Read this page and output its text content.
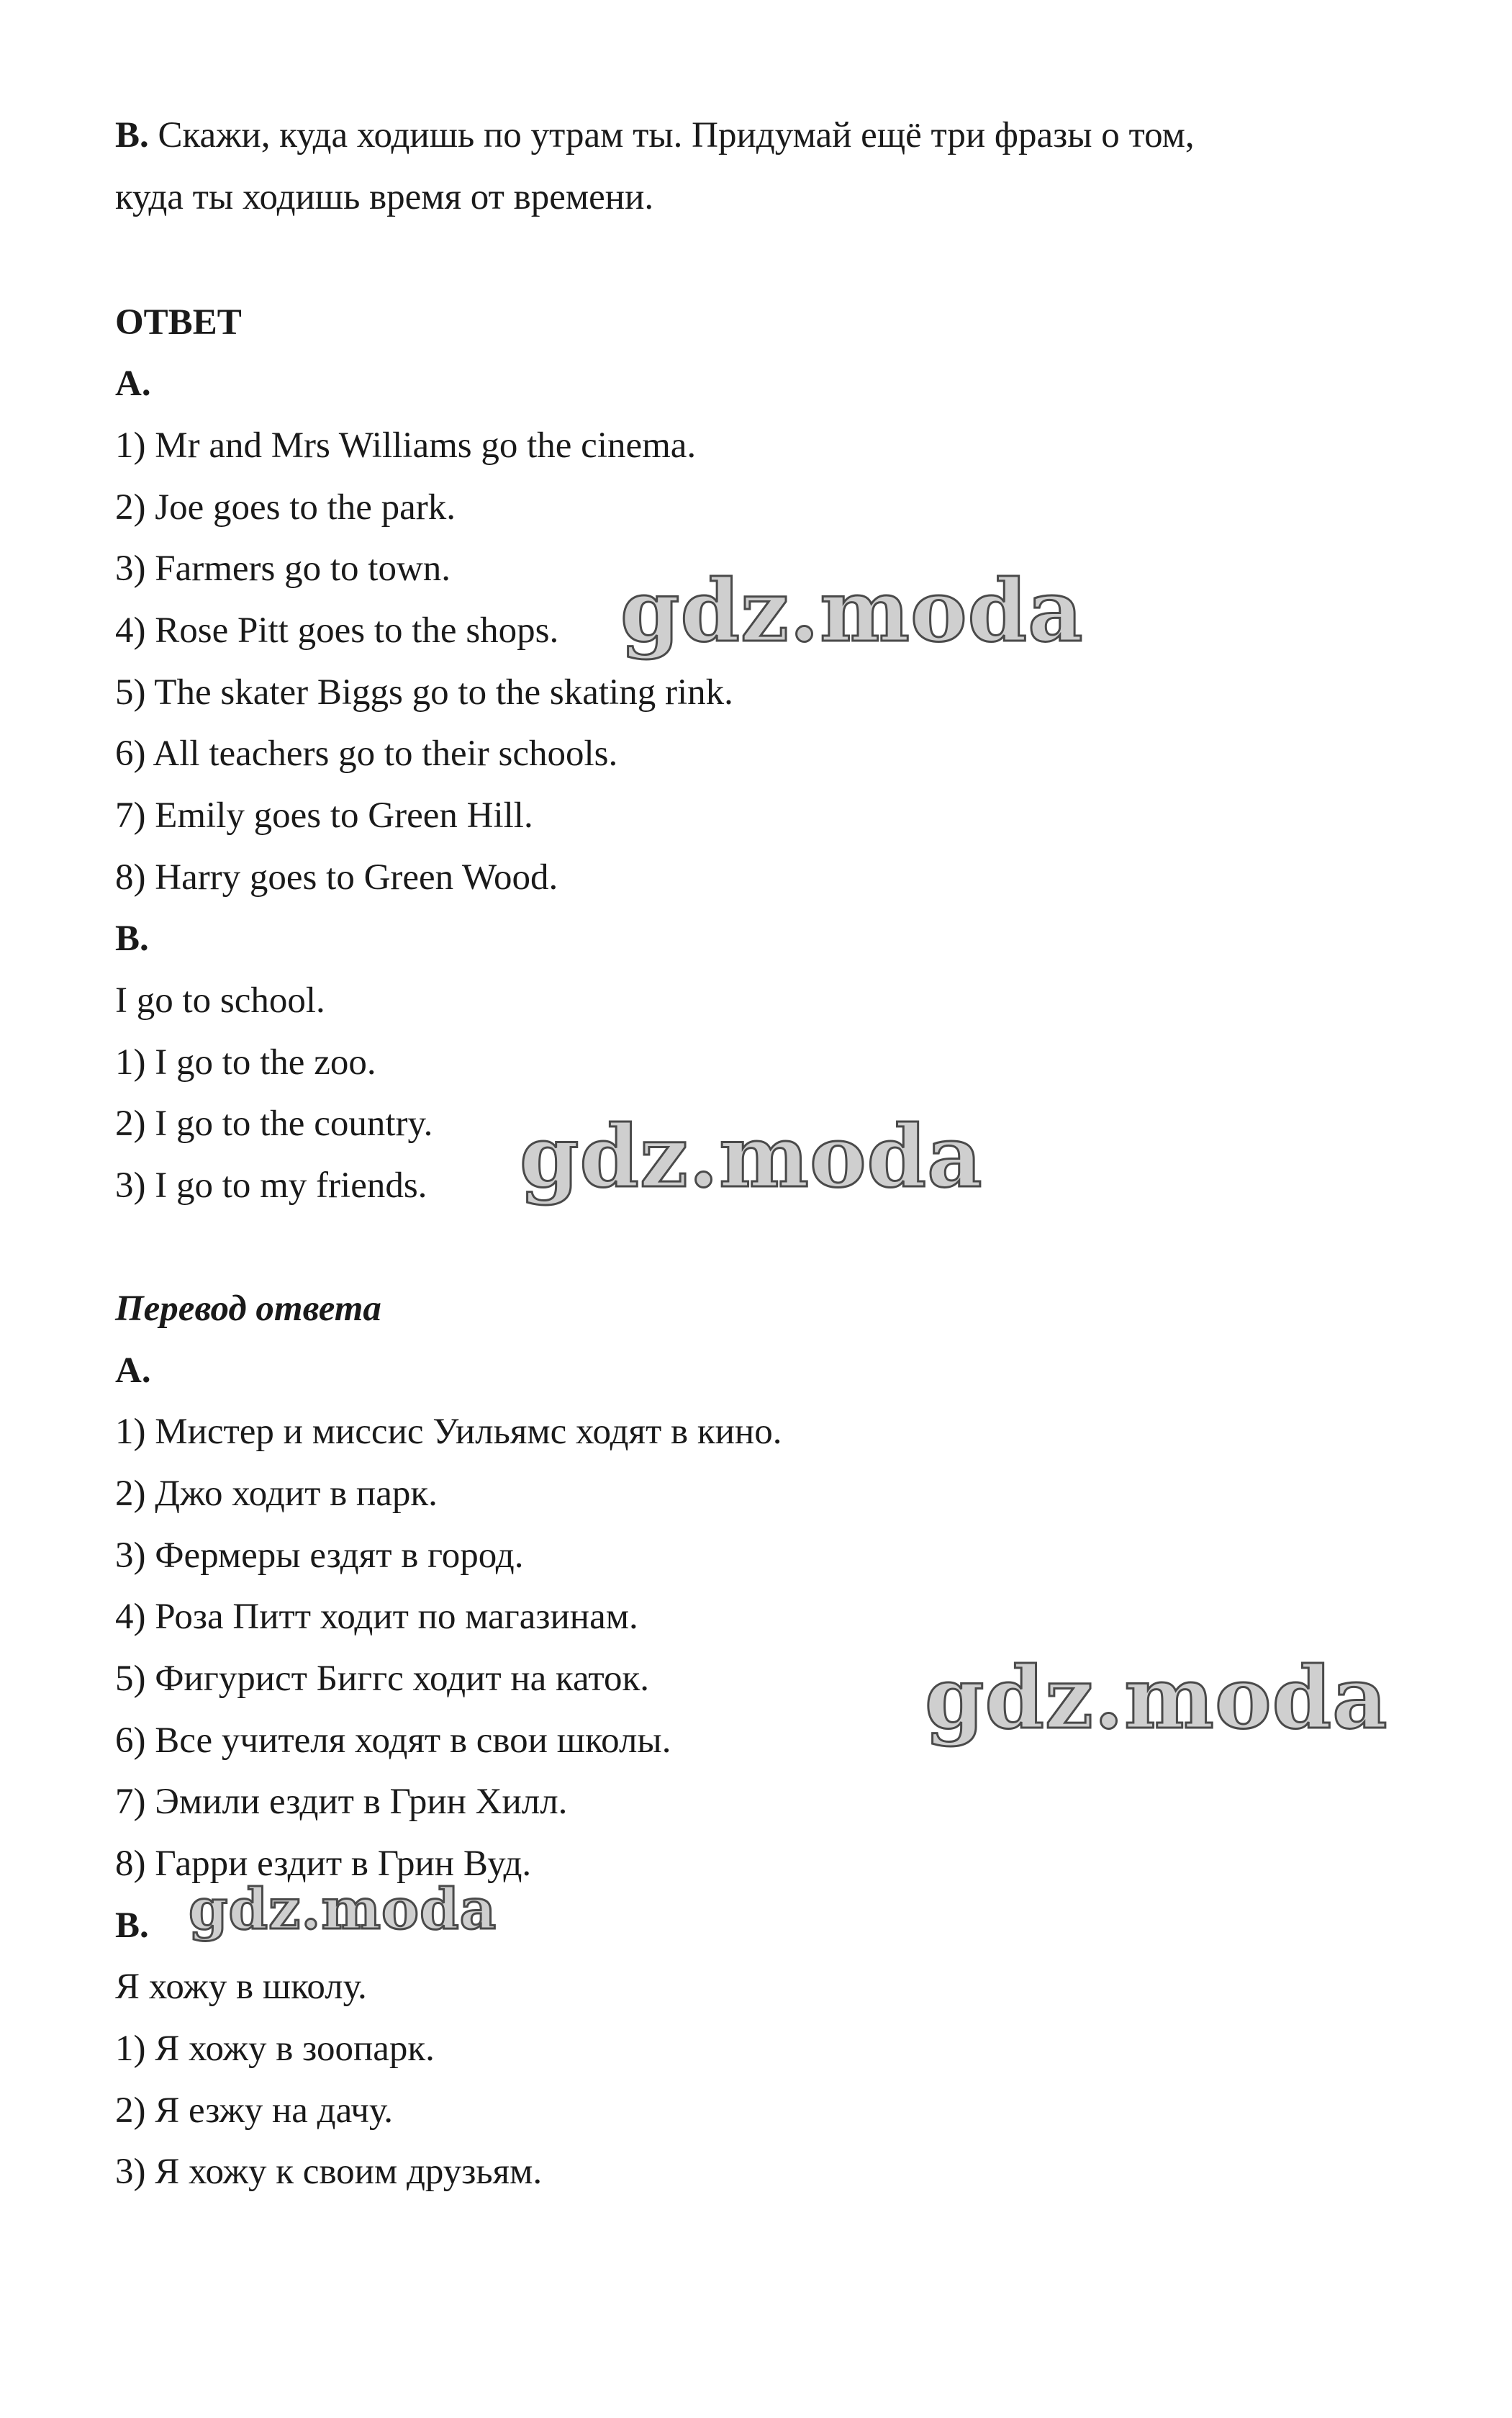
B. Скажи, куда ходишь по утрам ты. Придумай ещё три фразы о том,
куда ты ходишь время от времени.
ОТВЕТ
A.
1) Mr and Mrs Williams go the cinema.
2) Joe goes to the park.
3) Farmers go to town.
4) Rose Pitt goes to the shops.
5) The skater Biggs go to the skating rink.
6) All teachers go to their schools.
7) Emily goes to Green Hill.
8) Harry goes to Green Wood.
B.
I go to school.
1) I go to the zoo.
2) I go to the country.
3) I go to my friends.
Перевод ответа
A.
1) Мистер и миссис Уильямс ходят в кино.
2) Джо ходит в парк.
3) Фермеры ездят в город.
4) Роза Питт ходит по магазинам.
5) Фигурист Биггс ходит на каток.
6) Все учителя ходят в свои школы.
7) Эмили ездит в Грин Хилл.
8) Гарри ездит в Грин Вуд.
B.
Я хожу в школу.
1) Я хожу в зоопарк.
2) Я езжу на дачу.
3) Я хожу к своим друзьям.
gdz.moda
gdz.moda
gdz.moda
gdz.moda
